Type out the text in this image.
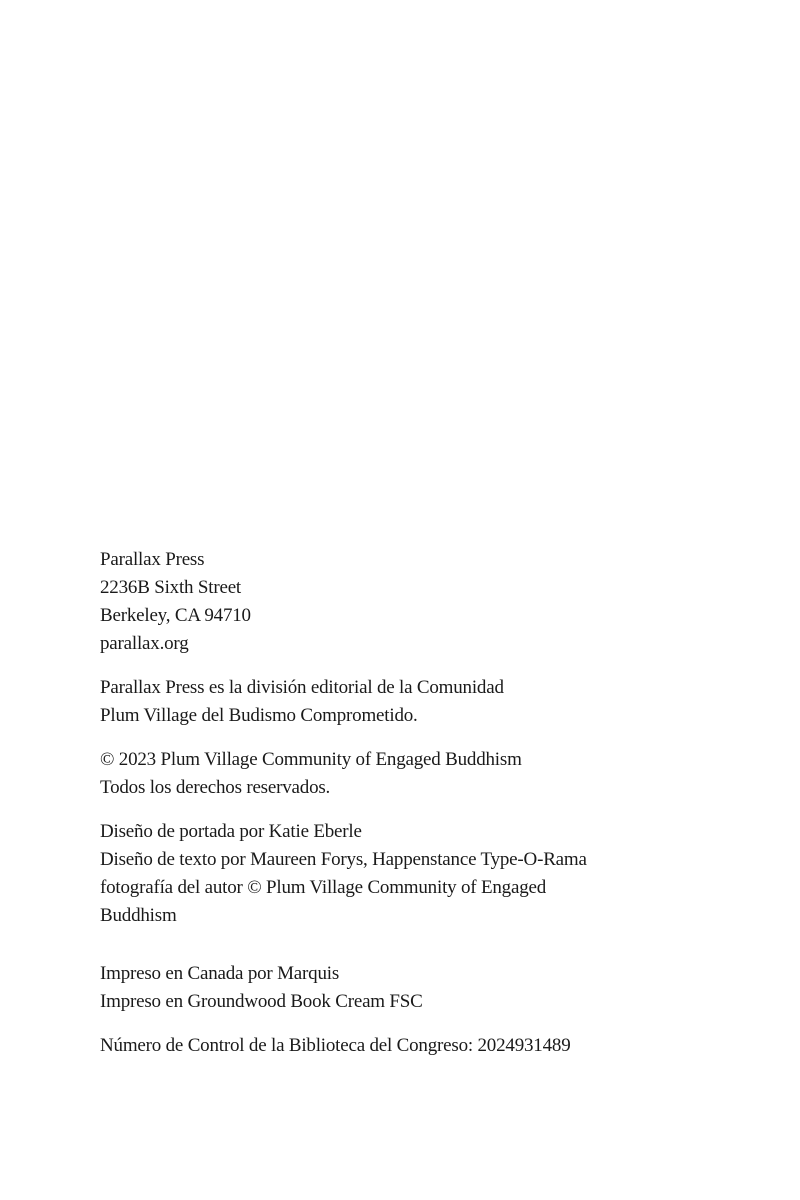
Parallax Press
2236B Sixth Street
Berkeley, CA 94710
parallax.org

Parallax Press es la división editorial de la Comunidad
Plum Village del Budismo Comprometido.

© 2023 Plum Village Community of Engaged Buddhism
Todos los derechos reservados.

Diseño de portada por Katie Eberle
Diseño de texto por Maureen Forys, Happenstance Type-O-Rama
fotografía del autor © Plum Village Community of Engaged
Buddhism

Impreso en Canada por Marquis
Impreso en Groundwood Book Cream FSC

Número de Control de la Biblioteca del Congreso: 2024931489
